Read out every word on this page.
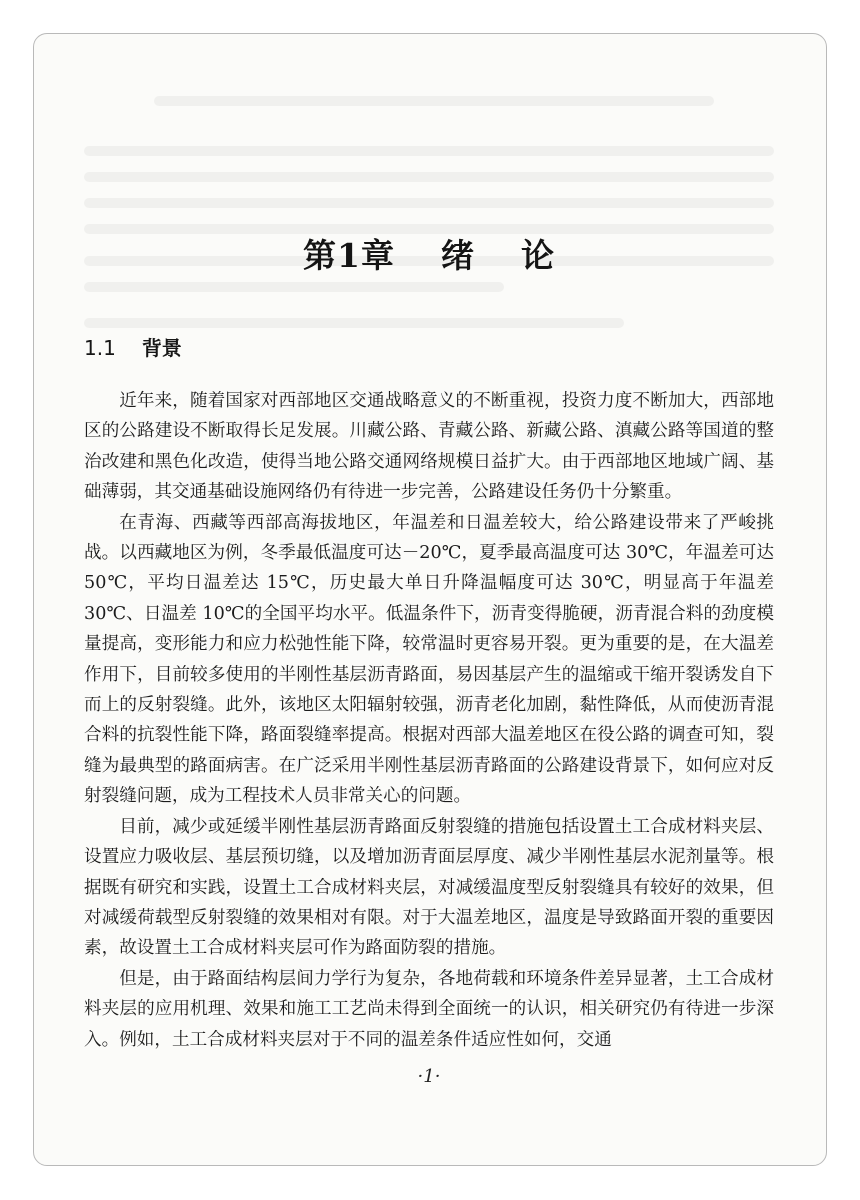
第1章 绪 论
1.1 背景

近年来，随着国家对西部地区交通战略意义的不断重视，投资力度不断加大，西部地区的公路建设不断取得长足发展。川藏公路、青藏公路、新藏公路、滇藏公路等国道的整治改建和黑色化改造，使得当地公路交通网络规模日益扩大。由于西部地区地域广阔、基础薄弱，其交通基础设施网络仍有待进一步完善，公路建设任务仍十分繁重。

在青海、西藏等西部高海拔地区，年温差和日温差较大，给公路建设带来了严峻挑战。以西藏地区为例，冬季最低温度可达－20℃，夏季最高温度可达 30℃，年温差可达 50℃，平均日温差达 15℃，历史最大单日升降温幅度可达 30℃，明显高于年温差 30℃、日温差 10℃的全国平均水平。低温条件下，沥青变得脆硬，沥青混合料的劲度模量提高，变形能力和应力松弛性能下降，较常温时更容易开裂。更为重要的是，在大温差作用下，目前较多使用的半刚性基层沥青路面，易因基层产生的温缩或干缩开裂诱发自下而上的反射裂缝。此外，该地区太阳辐射较强，沥青老化加剧，黏性降低，从而使沥青混合料的抗裂性能下降，路面裂缝率提高。根据对西部大温差地区在役公路的调查可知，裂缝为最典型的路面病害。在广泛采用半刚性基层沥青路面的公路建设背景下，如何应对反射裂缝问题，成为工程技术人员非常关心的问题。

目前，减少或延缓半刚性基层沥青路面反射裂缝的措施包括设置土工合成材料夹层、设置应力吸收层、基层预切缝，以及增加沥青面层厚度、减少半刚性基层水泥剂量等。根据既有研究和实践，设置土工合成材料夹层，对减缓温度型反射裂缝具有较好的效果，但对减缓荷载型反射裂缝的效果相对有限。对于大温差地区，温度是导致路面开裂的重要因素，故设置土工合成材料夹层可作为路面防裂的措施。

但是，由于路面结构层间力学行为复杂，各地荷载和环境条件差异显著，土工合成材料夹层的应用机理、效果和施工工艺尚未得到全面统一的认识，相关研究仍有待进一步深入。例如，土工合成材料夹层对于不同的温差条件适应性如何，交通

·1·
